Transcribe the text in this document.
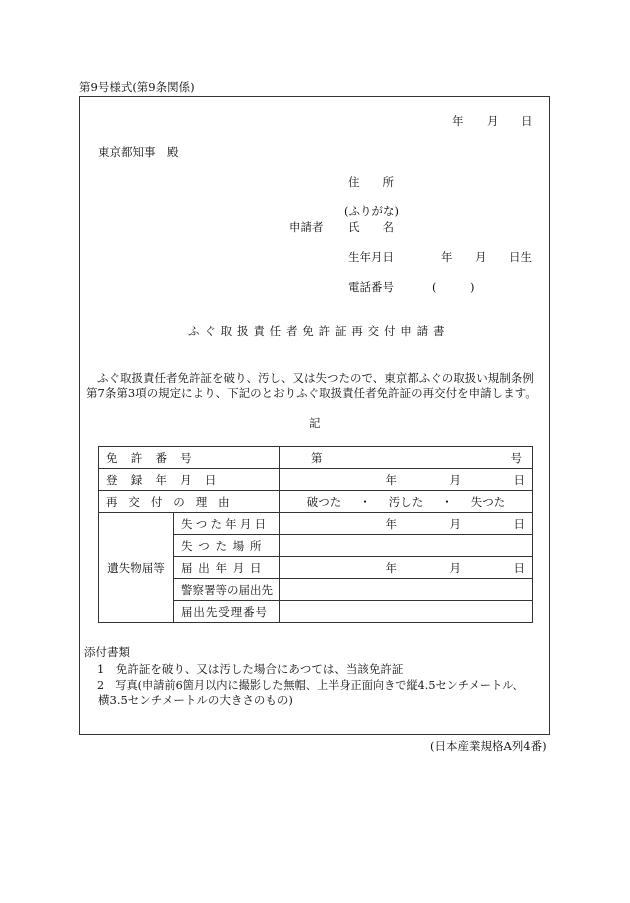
第9号様式(第9条関係)
年 月 日
東京都知事　殿
住　　所
(ふりがな)
申請者 氏　　名
生年月日	年 月 日生
電話番号	(	)
ふぐ取扱責任者免許証再交付申請書
ふぐ取扱責任者免許証を破り、汚し、又は失つたので、東京都ふぐの取扱い規制条例
第7条第3項の規定により、下記のとおりふぐ取扱責任者免許証の再交付を申請します。
記
免許番号		第 号

登録年月日		年 月 日

再交付の理由		破つた ・ 汚した ・ 失つた

遺失物届等	失つた年月日	年 月 日

	失つた場所	
	届出年月日	年 月 日

	警察署等の届出先	
	届出先受理番号	
添付書類
1　免許証を破り、又は汚した場合にあつては、当該免許証
2　写真(申請前6箇月以内に撮影した無帽、上半身正面向きで縦4.5センチメートル、
横3.5センチメートルの大きさのもの)
(日本産業規格A列4番)
